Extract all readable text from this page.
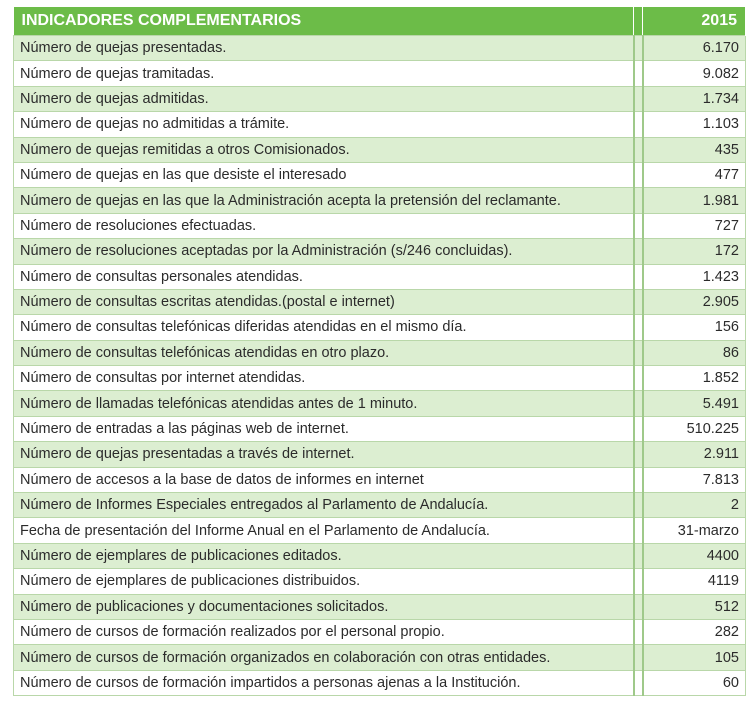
INDICADORES COMPLEMENTARIOS		2015
Número de quejas presentadas.		6.170
Número de quejas tramitadas.		9.082
Número de quejas admitidas.		1.734
Número de quejas no admitidas a trámite.		1.103
Número de quejas remitidas a otros Comisionados.		435
Número de quejas en las que desiste el interesado		477
Número de quejas en las que la Administración acepta la pretensión del reclamante.		1.981
Número de resoluciones efectuadas.		727
Número de resoluciones aceptadas por la Administración (s/246 concluidas).		172
Número de consultas personales atendidas.		1.423
Número de consultas escritas atendidas.(postal e internet)		2.905
Número de consultas telefónicas diferidas atendidas en el mismo día.		156
Número de consultas telefónicas atendidas en otro plazo.		86
Número de consultas por internet atendidas.		1.852
Número de llamadas telefónicas atendidas antes de 1 minuto.		5.491
Número de entradas a las páginas web de internet.		510.225
Número de quejas presentadas a través de internet.		2.911
Número de accesos a la base de datos de informes en internet		7.813
Número de Informes Especiales entregados al Parlamento de Andalucía.		2
Fecha de presentación del Informe Anual en el Parlamento de Andalucía.		31-marzo
Número de ejemplares de publicaciones editados.		4400
Número de ejemplares de publicaciones distribuidos.		4119
Número de publicaciones y documentaciones solicitados.		512
Número de cursos de formación realizados por el personal propio.		282
Número de cursos de formación organizados en colaboración con otras entidades.		105
Número de cursos de formación impartidos a personas ajenas a la Institución.		60
